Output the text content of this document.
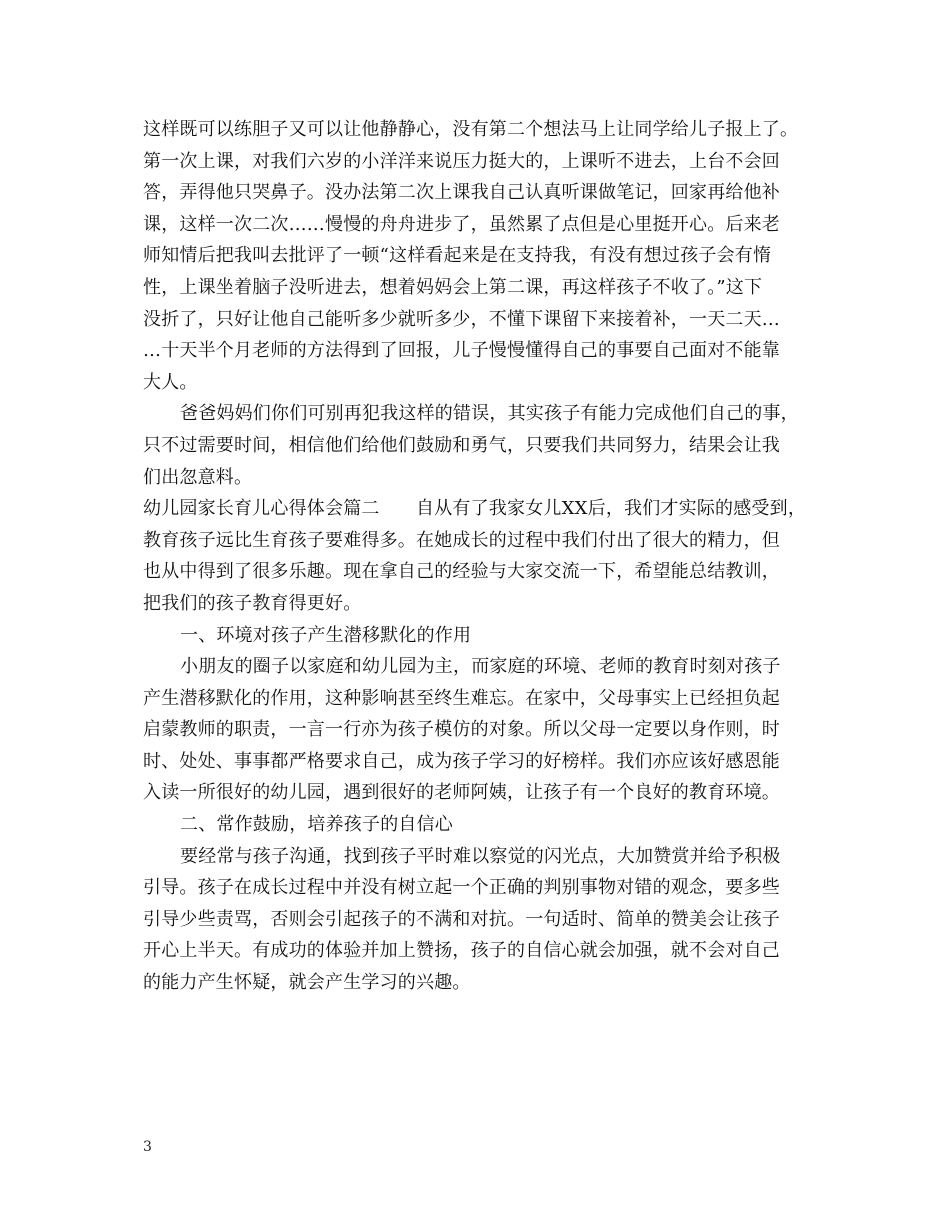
这样既可以练胆子又可以让他静静心，没有第二个想法马上让同学给儿子报上了。
第一次上课，对我们六岁的小洋洋来说压力挺大的，上课听不进去，上台不会回
答，弄得他只哭鼻子。没办法第二次上课我自己认真听课做笔记，回家再给他补
课，这样一次二次……慢慢的舟舟进步了，虽然累了点但是心里挺开心。后来老
师知情后把我叫去批评了一顿“这样看起来是在支持我，有没有想过孩子会有惰
性，上课坐着脑子没听进去，想着妈妈会上第二课，再这样孩子不收了。”这下
没折了，只好让他自己能听多少就听多少，不懂下课留下来接着补，一天二天…
…十天半个月老师的方法得到了回报，儿子慢慢懂得自己的事要自己面对不能靠
大人。
爸爸妈妈们你们可别再犯我这样的错误，其实孩子有能力完成他们自己的事，
只不过需要时间，相信他们给他们鼓励和勇气，只要我们共同努力，结果会让我
们出忽意料。
幼儿园家长育儿心得体会篇二　　自从有了我家女儿XX后，我们才实际的感受到，
教育孩子远比生育孩子要难得多。在她成长的过程中我们付出了很大的精力，但
也从中得到了很多乐趣。现在拿自己的经验与大家交流一下，希望能总结教训，
把我们的孩子教育得更好。
一、环境对孩子产生潜移默化的作用
小朋友的圈子以家庭和幼儿园为主，而家庭的环境、老师的教育时刻对孩子
产生潜移默化的作用，这种影响甚至终生难忘。在家中，父母事实上已经担负起
启蒙教师的职责，一言一行亦为孩子模仿的对象。所以父母一定要以身作则，时
时、处处、事事都严格要求自己，成为孩子学习的好榜样。我们亦应该好感恩能
入读一所很好的幼儿园，遇到很好的老师阿姨，让孩子有一个良好的教育环境。
二、常作鼓励，培养孩子的自信心
要经常与孩子沟通，找到孩子平时难以察觉的闪光点，大加赞赏并给予积极
引导。孩子在成长过程中并没有树立起一个正确的判别事物对错的观念，要多些
引导少些责骂，否则会引起孩子的不满和对抗。一句适时、简单的赞美会让孩子
开心上半天。有成功的体验并加上赞扬，孩子的自信心就会加强，就不会对自己
的能力产生怀疑，就会产生学习的兴趣。
3
